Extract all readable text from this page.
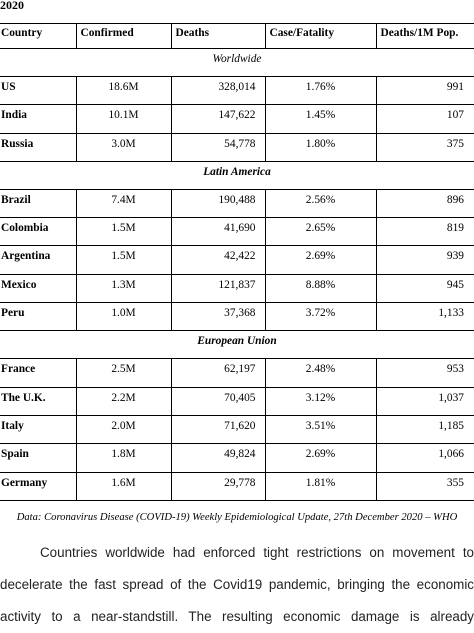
2020
Country	Confirmed	Deaths	Case/Fatality	Deaths/1M Pop.
Worldwide				
US	18.6M	328,014	1.76%	991
India	10.1M	147,622	1.45%	107
Russia	3.0M	54,778	1.80%	375
Latin America				
Brazil	7.4M	190,488	2.56%	896
Colombia	1.5M	41,690	2.65%	819
Argentina	1.5M	42,422	2.69%	939
Mexico	1.3M	121,837	8.88%	945
Peru	1.0M	37,368	3.72%	1,133
European Union				
France	2.5M	62,197	2.48%	953
The U.K.	2.2M	70,405	3.12%	1,037
Italy	2.0M	71,620	3.51%	1,185
Spain	1.8M	49,824	2.69%	1,066
Germany	1.6M	29,778	1.81%	355
Data: Coronavirus Disease (COVID-19) Weekly Epidemiological Update, 27th December 2020 – WHO
Countries worldwide had enforced tight restrictions on movement to
decelerate the fast spread of the Covid19 pandemic, bringing the economic
activity to a near-standstill. The resulting economic damage is already
